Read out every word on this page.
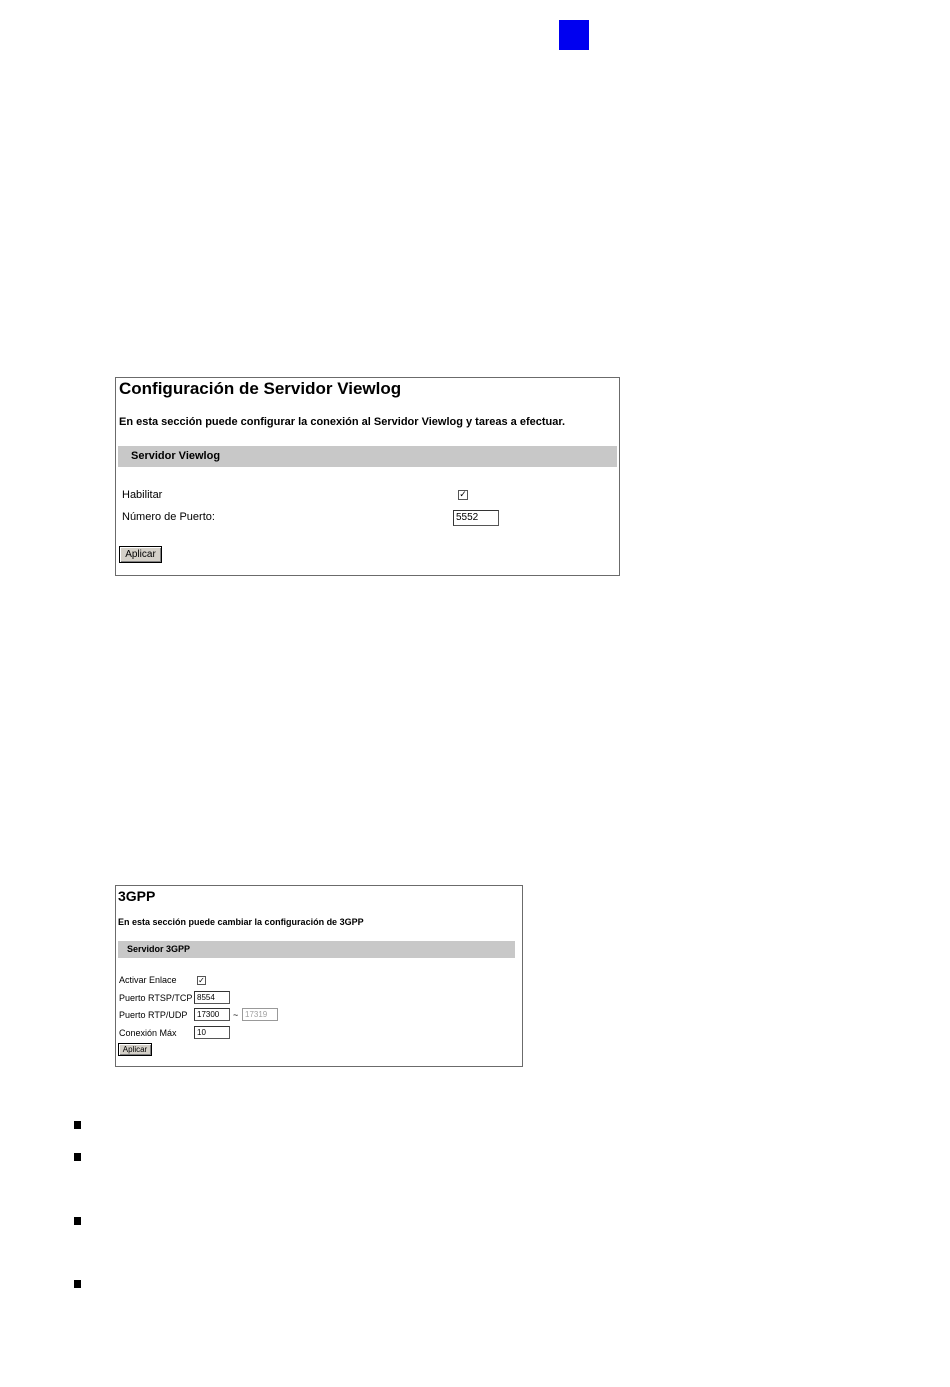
Configuración de Servidor Viewlog
En esta sección puede configurar la conexión al Servidor Viewlog y tareas a efectuar.
Servidor Viewlog
Habilitar	✓
Número de Puerto:	5552
Aplicar
3GPP
En esta sección puede cambiar la configuración de 3GPP
Servidor 3GPP
Activar Enlace	✓
Puerto RTSP/TCP 8554
Puerto RTP/UDP	17300	~ 17319
Conexión Máx	10
Aplicar
